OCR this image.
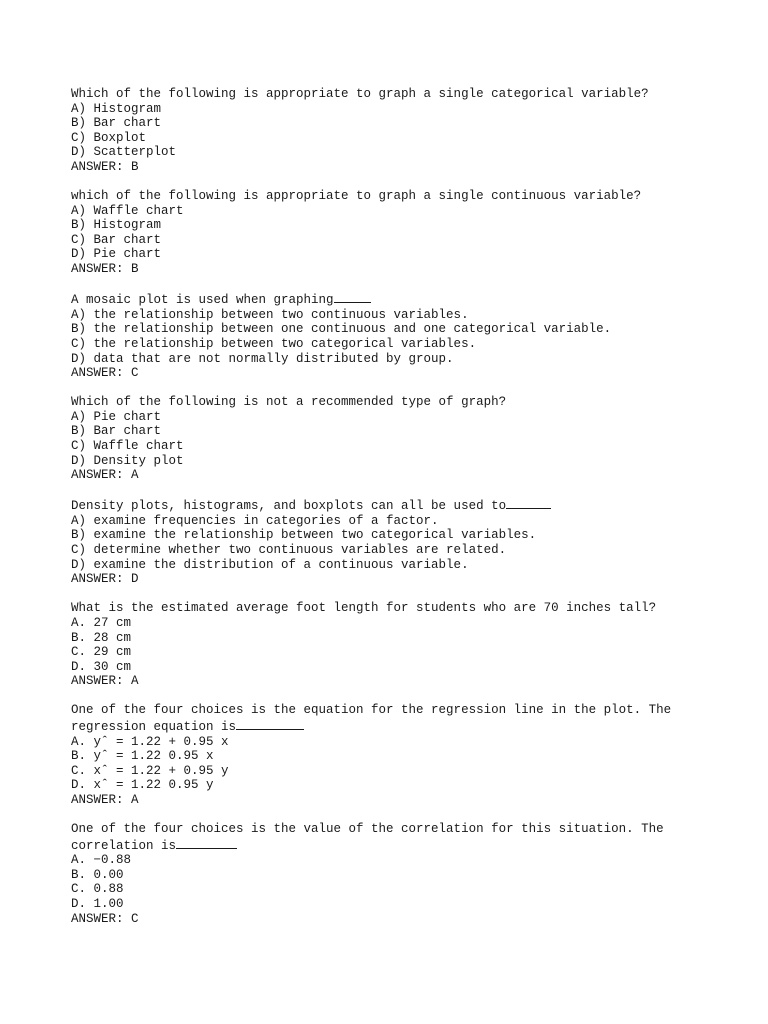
Which of the following is appropriate to graph a single categorical variable?
A) Histogram
B) Bar chart
C) Boxplot
D) Scatterplot
ANSWER: B
which of the following is appropriate to graph a single continuous variable?
A) Waffle chart
B) Histogram
C) Bar chart
D) Pie chart
ANSWER: B
A mosaic plot is used when graphing
A) the relationship between two continuous variables.
B) the relationship between one continuous and one categorical variable.
C) the relationship between two categorical variables.
D) data that are not normally distributed by group.
ANSWER: C
Which of the following is not a recommended type of graph?
A) Pie chart
B) Bar chart
C) Waffle chart
D) Density plot
ANSWER: A
Density plots, histograms, and boxplots can all be used to
A) examine frequencies in categories of a factor.
B) examine the relationship between two categorical variables.
C) determine whether two continuous variables are related.
D) examine the distribution of a continuous variable.
ANSWER: D
What is the estimated average foot length for students who are 70 inches tall?
A. 27 cm
B. 28 cm
C. 29 cm
D. 30 cm
ANSWER: A
One of the four choices is the equation for the regression line in the plot. The
regression equation is
A. yˆ = 1.22 + 0.95 x
B. yˆ = 1.22 0.95 x
C. xˆ = 1.22 + 0.95 y
D. xˆ = 1.22 0.95 y
ANSWER: A
One of the four choices is the value of the correlation for this situation. The
correlation is
A. −0.88
B. 0.00
C. 0.88
D. 1.00
ANSWER: C
